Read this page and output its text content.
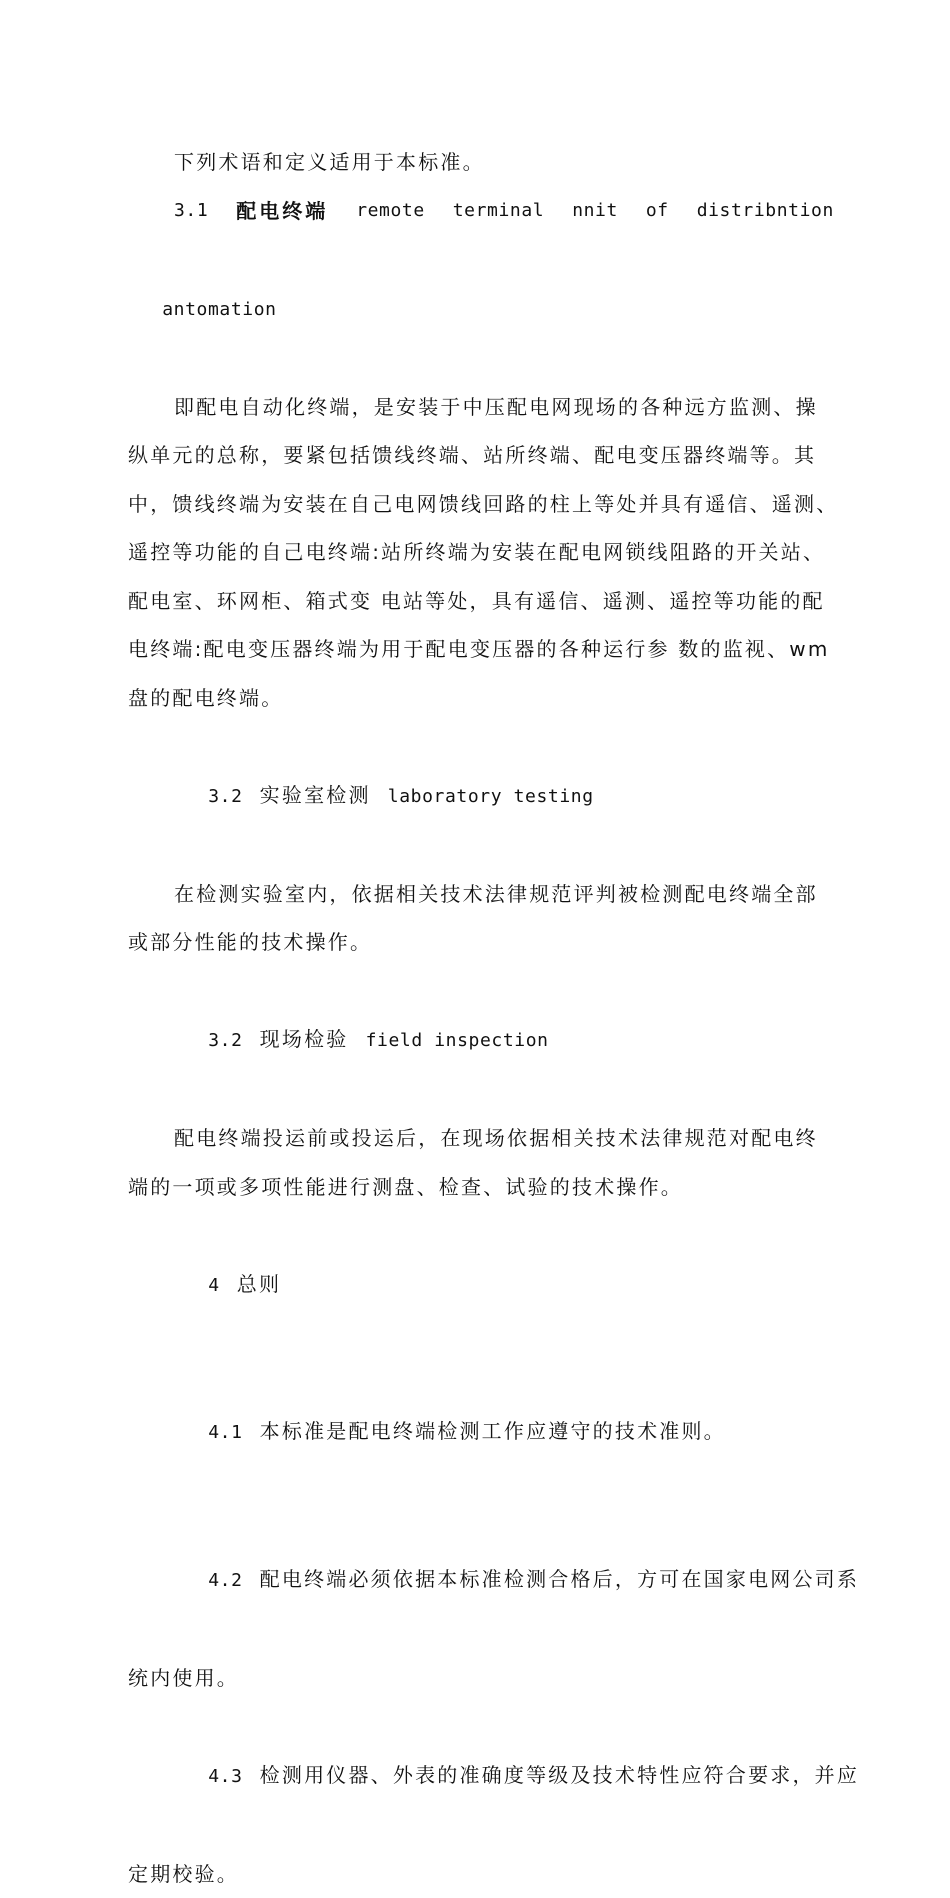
下列术语和定义适用于本标准。
3.1 配电终端 remote terminal nnit of distribntion

antomation

即配电自动化终端，是安装于中压配电网现场的各种远方监测、操
纵单元的总称，要紧包括馈线终端、站所终端、配电变压器终端等。其
中，馈线终端为安装在自己电网馈线回路的柱上等处并具有遥信、遥测、
遥控等功能的自己电终端:站所终端为安装在配电网锁线阻路的开关站、
配电室、环网柜、箱式变 电站等处，具有遥信、遥测、遥控等功能的配
电终端:配电变压器终端为用于配电变压器的各种运行参 数的监视、wm
盘的配电终端。

3.2 实验室检测 laboratory testing

在检测实验室内，依据相关技术法律规范评判被检测配电终端全部
或部分性能的技术操作。

3.2 现场检验 field inspection

配电终端投运前或投运后，在现场依据相关技术法律规范对配电终
端的一项或多项性能进行测盘、检查、试验的技术操作。

4 总则

4.1 本标准是配电终端检测工作应遵守的技术准则。

4.2 配电终端必须依据本标准检测合格后，方可在国家电网公司系

统内使用。

4.3 检测用仪器、外表的准确度等级及技术特性应符合要求，并应

定期校验。
